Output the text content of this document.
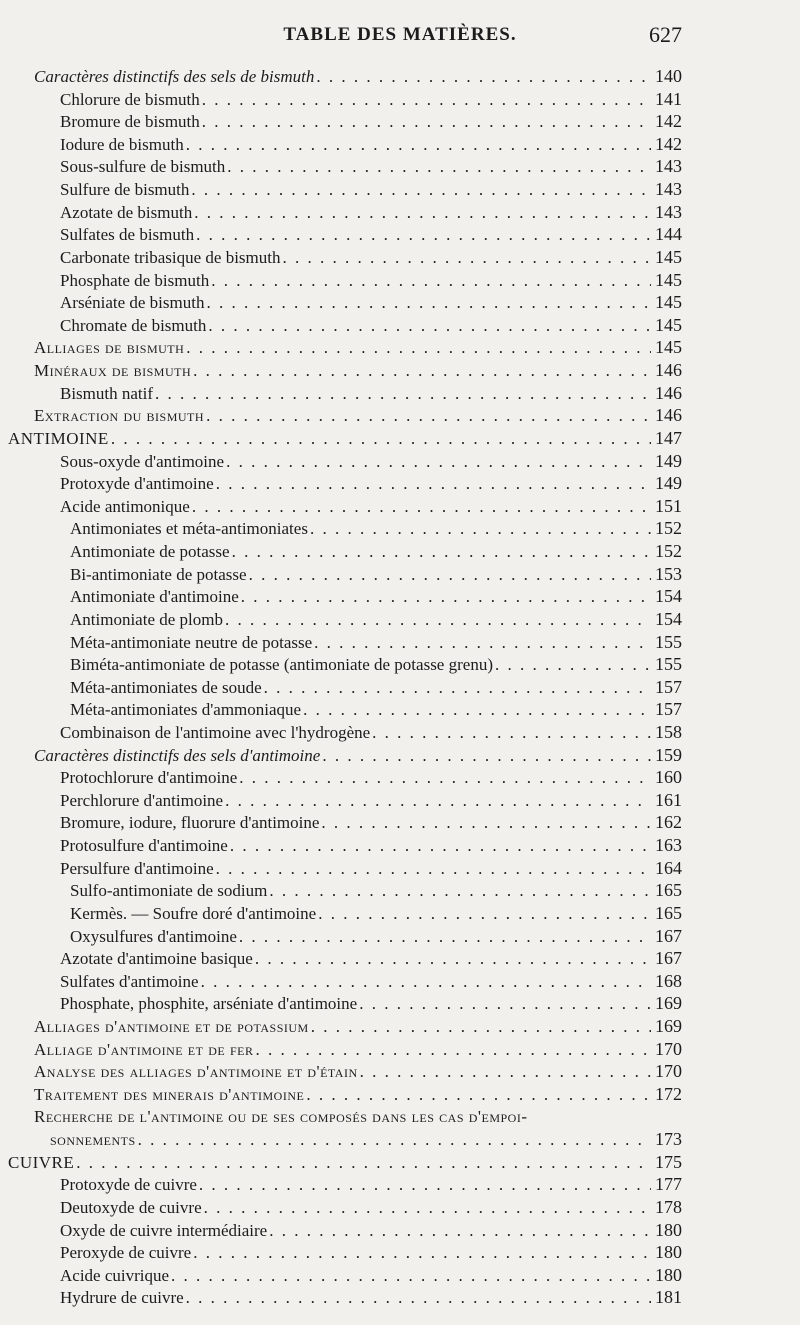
TABLE DES MATIÈRES.	627
Caractères distinctifs des sels de bismuth . . .	140
Chlorure de bismuth . . .	141
Bromure de bismuth . . .	142
Iodure de bismuth . . .	142
Sous-sulfure de bismuth . . .	143
Sulfure de bismuth . . .	143
Azotate de bismuth . . .	143
Sulfates de bismuth . . .	144
Carbonate tribasique de bismuth . . .	145
Phosphate de bismuth . . .	145
Arséniate de bismuth . . .	145
Chromate de bismuth . . .	145
Alliages de bismuth . . .	145
Minéraux de bismuth . . .	146
Bismuth natif . . .	146
Extraction du bismuth . . .	146
ANTIMOINE . . .	147
Sous-oxyde d'antimoine . . .	149
Protoxyde d'antimoine . . .	149
Acide antimonique . . .	151
Antimoniates et méta-antimoniates . . .	152
Antimoniate de potasse . . .	152
Bi-antimoniate de potasse . . .	153
Antimoniate d'antimoine . . .	154
Antimoniate de plomb . . .	154
Méta-antimoniate neutre de potasse . . .	155
Biméta-antimoniate de potasse (antimoniate de potasse grenu) . . .	155
Méta-antimoniates de soude . . .	157
Méta-antimoniates d'ammoniaque . . .	157
Combinaison de l'antimoine avec l'hydrogène . . .	158
Caractères distinctifs des sels d'antimoine . . .	159
Protochlorure d'antimoine . . .	160
Perchlorure d'antimoine . . .	161
Bromure, iodure, fluorure d'antimoine . . .	162
Protosulfure d'antimoine . . .	163
Persulfure d'antimoine . . .	164
Sulfo-antimoniate de sodium . . .	165
Kermès. — Soufre doré d'antimoine . . .	165
Oxysulfures d'antimoine . . .	167
Azotate d'antimoine basique . . .	167
Sulfates d'antimoine . . .	168
Phosphate, phosphite, arséniate d'antimoine . . .	169
Alliages d'antimoine et de potassium . . .	169
Alliage d'antimoine et de fer . . .	170
Analyse des alliages d'antimoine et d'étain . . .	170
Traitement des minerais d'antimoine . . .	172
Recherche de l'antimoine ou de ses composés dans les cas d'empoi-
sonnements . . .	173
CUIVRE . . .	175
Protoxyde de cuivre . . .	177
Deutoxyde de cuivre . . .	178
Oxyde de cuivre intermédiaire . . .	180
Peroxyde de cuivre . . .	180
Acide cuivrique . . .	180
Hydrure de cuivre . . .	181
